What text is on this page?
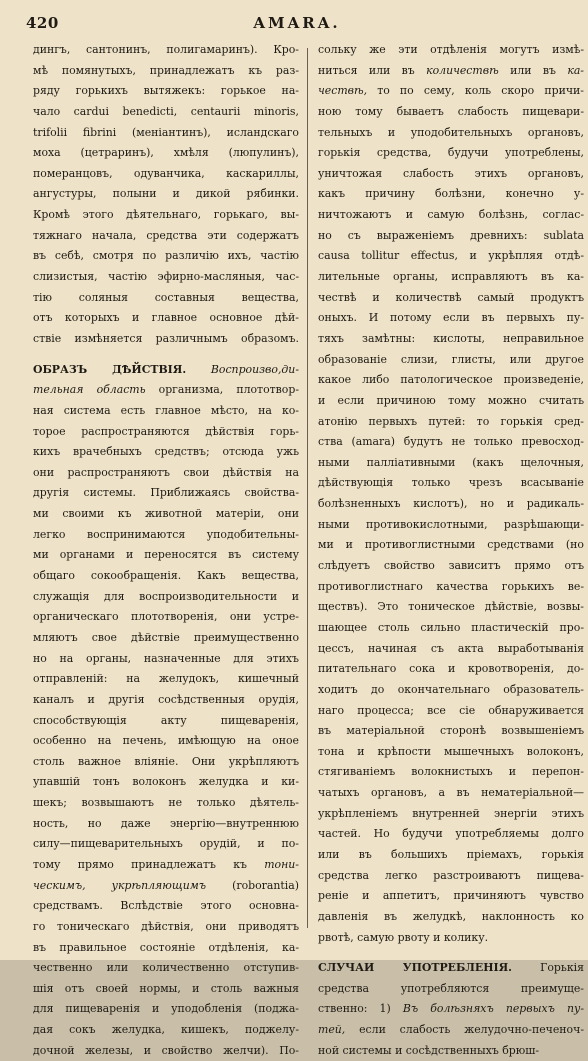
420	AMARA.
дингъ, сантонинъ, полигамаринъ). Кро-
мѣ помянутыхъ, принадлежатъ къ раз-
ряду горькихъ вытяжекъ: горькое на-
чало cardui benedicti, centaurii minoris,
trifolii fibrini (меніантинъ), исландскаго
моха (цетраринъ), хмѣля (люпулинъ),
померанцовъ, одуванчика, каскариллы,
ангустуры, полыни и дикой рябинки.
Кромѣ этого дѣятельнаго, горькаго, вы-
тяжнаго начала, средства эти содержатъ
въ себѣ, смотря по различію ихъ, частію
слизистыя, частію эфирно-масляныя, час-
тію соляныя составныя вещества,
отъ которыхъ и главное основное дѣй-
ствіе измѣняется различнымъ образомъ.
ОБРАЗЪ ДѢЙСТВІЯ. Воспроизво,ди-
тельная область организма, плототвор-
ная система есть главное мѣсто, на ко-
торое распространяются дѣйствія горь-
кихъ врачебныхъ средствъ; отсюда ужь
они распространяютъ свои дѣйствія на
другія системы. Приближаясь свойства-
ми своими къ животной матеріи, они
легко воспринимаются уподобительны-
ми органами и переносятся въ систему
общаго сокообращенія. Какъ вещества,
служащія для воспроизводительности и
органическаго плототворенія, они устре-
мляютъ свое дѣйствіе преимущественно
но на органы, назначенные для этихъ
отправленій: на желудокъ, кишечный
каналъ и другія сосѣдственныя орудія,
способствующія акту пищеваренія,
особенно на печень, имѣющую на оное
столь важное вліяніе. Они укрѣпляютъ
упавшій тонъ волоконъ желудка и ки-
шекъ; возвышаютъ не только дѣятель-
ность, но даже энергію—внутреннюю
силу—пищеварительныхъ орудій, и по-
тому прямо принадлежатъ къ тони-
ческимъ, укрѣпляющимъ (roborantia)
средствамъ. Вслѣдствіе этого основна-
го тоническаго дѣйствія, они приводятъ
въ правильное состояніе отдѣленія, ка-
чественно или количественно отступив-
шія отъ своей нормы, и столь важныя
для пищеваренія и уподобленія (поджа-
дая сокъ желудка, кишекъ, поджелу-
дочной железы, и свойство желчи). По-
сольку же эти отдѣленія могутъ измѣ-
ниться или въ количествѣ или въ ка-
чествѣ, то по сему, коль скоро причи-
ною тому бываетъ слабость пищевари-
тельныхъ и уподобительныхъ органовъ,
горькія средства, будучи употреблены,
уничтожая слабость этихъ органовъ,
какъ причину болѣзни, конечно у-
ничтожаютъ и самую болѣзнь, соглас-
но съ выраженіемъ древнихъ: sublata
causa tollitur effectus, и укрѣпляя отдѣ-
лительные органы, исправляютъ въ ка-
чествѣ и количествѣ самый продуктъ
оныхъ. И потому если въ первыхъ пу-
тяхъ замѣтны: кислоты, неправильное
образованіе слизи, глисты, или другое
какое либо патологическое произведеніе,
и если причиною тому можно считать
атонію первыхъ путей: то горькія сред-
ства (amara) будутъ не только превосход-
ными палліативными (какъ щелочныя,
дѣйствующія только чрезъ всасываніе
болѣзненныхъ кислотъ), но и радикаль-
ными противокислотными, разрѣшающи-
ми и противоглистными средствами (но
слѣдуетъ свойство зависитъ прямо отъ
противоглистнаго качества горькихъ ве-
ществъ). Это тоническое дѣйствіе, возвы-
шающее столь сильно пластическій про-
цессъ, начиная съ акта выработыванія
питательнаго сока и кровотворенія, до-
ходитъ до окончательнаго образователь-
наго процесса; все сіе обнаруживается
въ матеріальной сторонѣ возвышеніемъ
тона и крѣпости мышечныхъ волоконъ,
стягиваніемъ волокнистыхъ и перепон-
чатыхъ органовъ, а въ нематеріальной—
укрѣпленіемъ внутренней энергіи этихъ
частей. Но будучи употребляемы долго
или въ большихъ пріемахъ, горькія
средства легко разстроиваютъ пищева-
реніе и аппетитъ, причиняютъ чувство
давленія въ желудкѣ, наклонность ко
рвотѣ, самую рвоту и колику.
СЛУЧАИ УПОТРЕБЛЕНІЯ. Горькія
средства употребляются преимуще-
ственно: 1) Въ болѣзняхъ первыхъ пу-
тей, если слабость желудочно-печеноч-
ной системы и сосѣдственныхъ брюш-
